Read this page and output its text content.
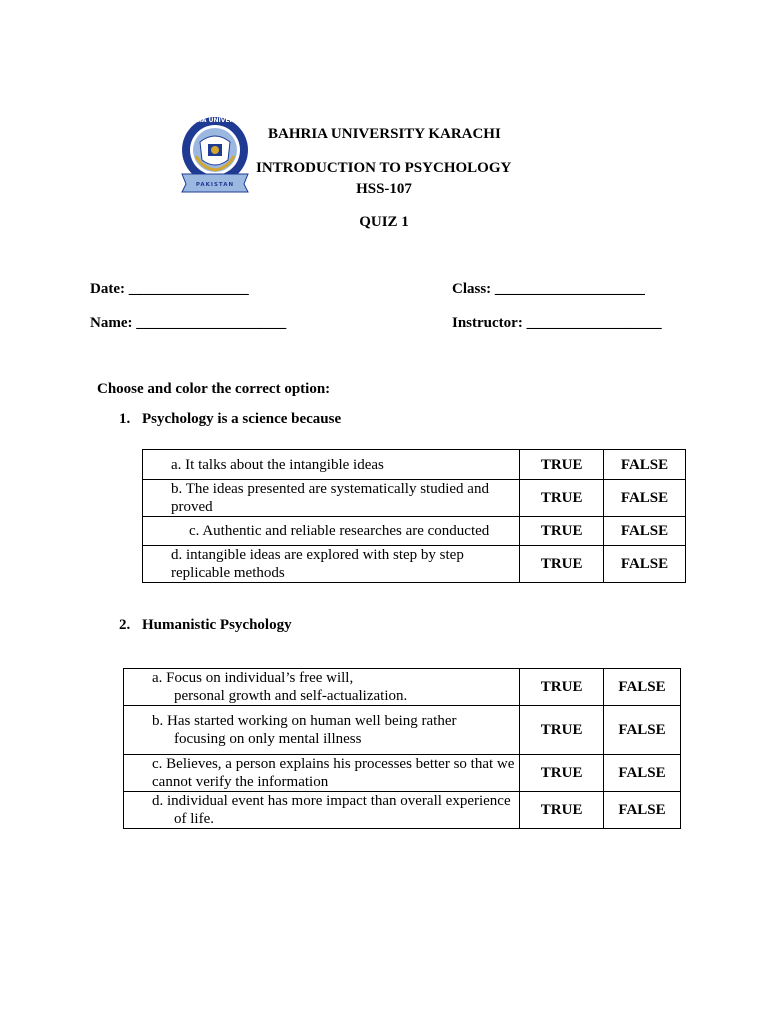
BAHRIA UNIVERSITY
PAKISTAN
BAHRIA UNIVERSITY KARACHI
INTRODUCTION TO PSYCHOLOGY
HSS-107
QUIZ 1
Date: ________________	Class: ____________________
Name: ____________________	Instructor: __________________
Choose and color the correct option:
1. Psychology is a science because
a. It talks about the intangible ideas	TRUE	FALSE
b. The ideas presented are systematically studied and
proved	TRUE	FALSE
c. Authentic and reliable researches are conducted	TRUE	FALSE
d. intangible ideas are explored with step by step
replicable methods	TRUE	FALSE
2. Humanistic Psychology
a. Focus on individual’s free will,
personal growth and self-actualization.	TRUE	FALSE
b. Has started working on human well being rather
focusing on only mental illness	TRUE	FALSE
c. Believes, a person explains his processes better so that we
cannot verify the information	TRUE	FALSE
d. individual event has more impact than overall experience
of life.	TRUE	FALSE
